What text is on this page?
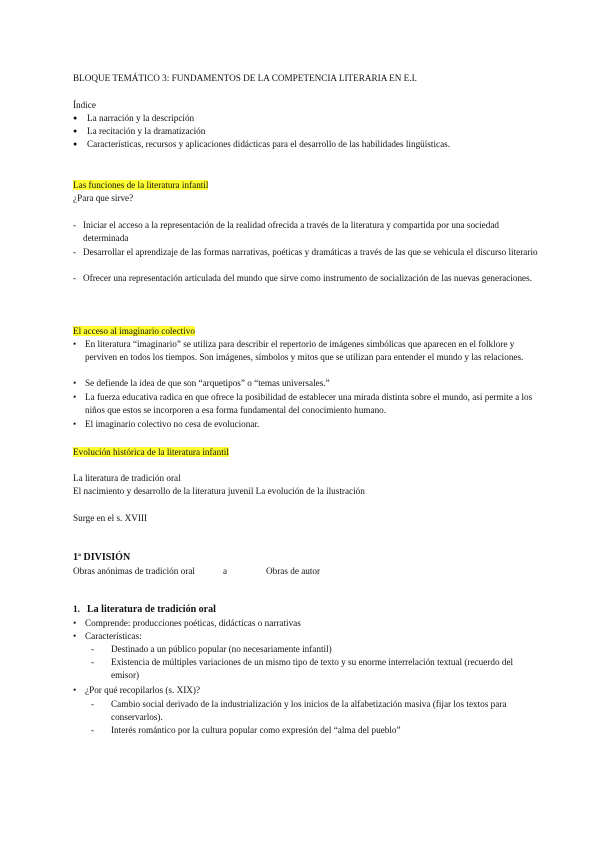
BLOQUE TEMÁTICO 3: FUNDAMENTOS DE LA COMPETENCIA LITERARIA EN E.I.

Índice

●	La narración y la descripción
●	La recitación y la dramatización
●	Características, recursos y aplicaciones didácticas para el desarrollo de las habilidades lingüísticas.

Las funciones de la literatura infantil

¿Para que sirve?

- Iniciar el acceso a la representación de la realidad ofrecida a través de la literatura y compartida por una sociedad determinada
- Desarrollar el aprendizaje de las formas narrativas, poéticas y dramáticas a través de las que se vehicula el discurso literario
- Ofrecer una representación articulada del mundo que sirve como instrumento de socialización de las nuevas generaciones.

El acceso al imaginario colectivo

• En literatura “imaginario” se utiliza para describir el repertorio de imágenes simbólicas que aparecen en el folklore y perviven en todos los tiempos. Son imágenes, símbolos y mitos que se utilizan para entender el mundo y las relaciones.
• Se defiende la idea de que son “arquetipos” o “temas universales.”
• La fuerza educativa radica en que ofrece la posibilidad de establecer una mirada distinta sobre el mundo, así permite a los niños que estos se incorporen a esa forma fundamental del conocimiento humano.
• El imaginario colectivo no cesa de evolucionar.

Evolución histórica de la literatura infantil

La literatura de tradición oral

El nacimiento y desarrollo de la literatura juvenil La evolución de la ilustración

Surge en el s. XVIII

1ª DIVISIÓN

Obras anónimas de tradición oral	a	Obras de autor
1. La literatura de tradición oral
• Comprende: producciones poéticas, didácticas o narrativas
• Características:
-	Destinado a un público popular (no necesariamente infantil)
-	Existencia de múltiples variaciones de un mismo tipo de texto y su enorme interrelación textual (recuerdo del emisor)
• ¿Por qué recopilarlos (s. XIX)?
-	Cambio social derivado de la industrialización y los inicios de la alfabetización masiva (fijar los textos para conservarlos).
-	Interés romántico por la cultura popular como expresión del “alma del pueblo”
